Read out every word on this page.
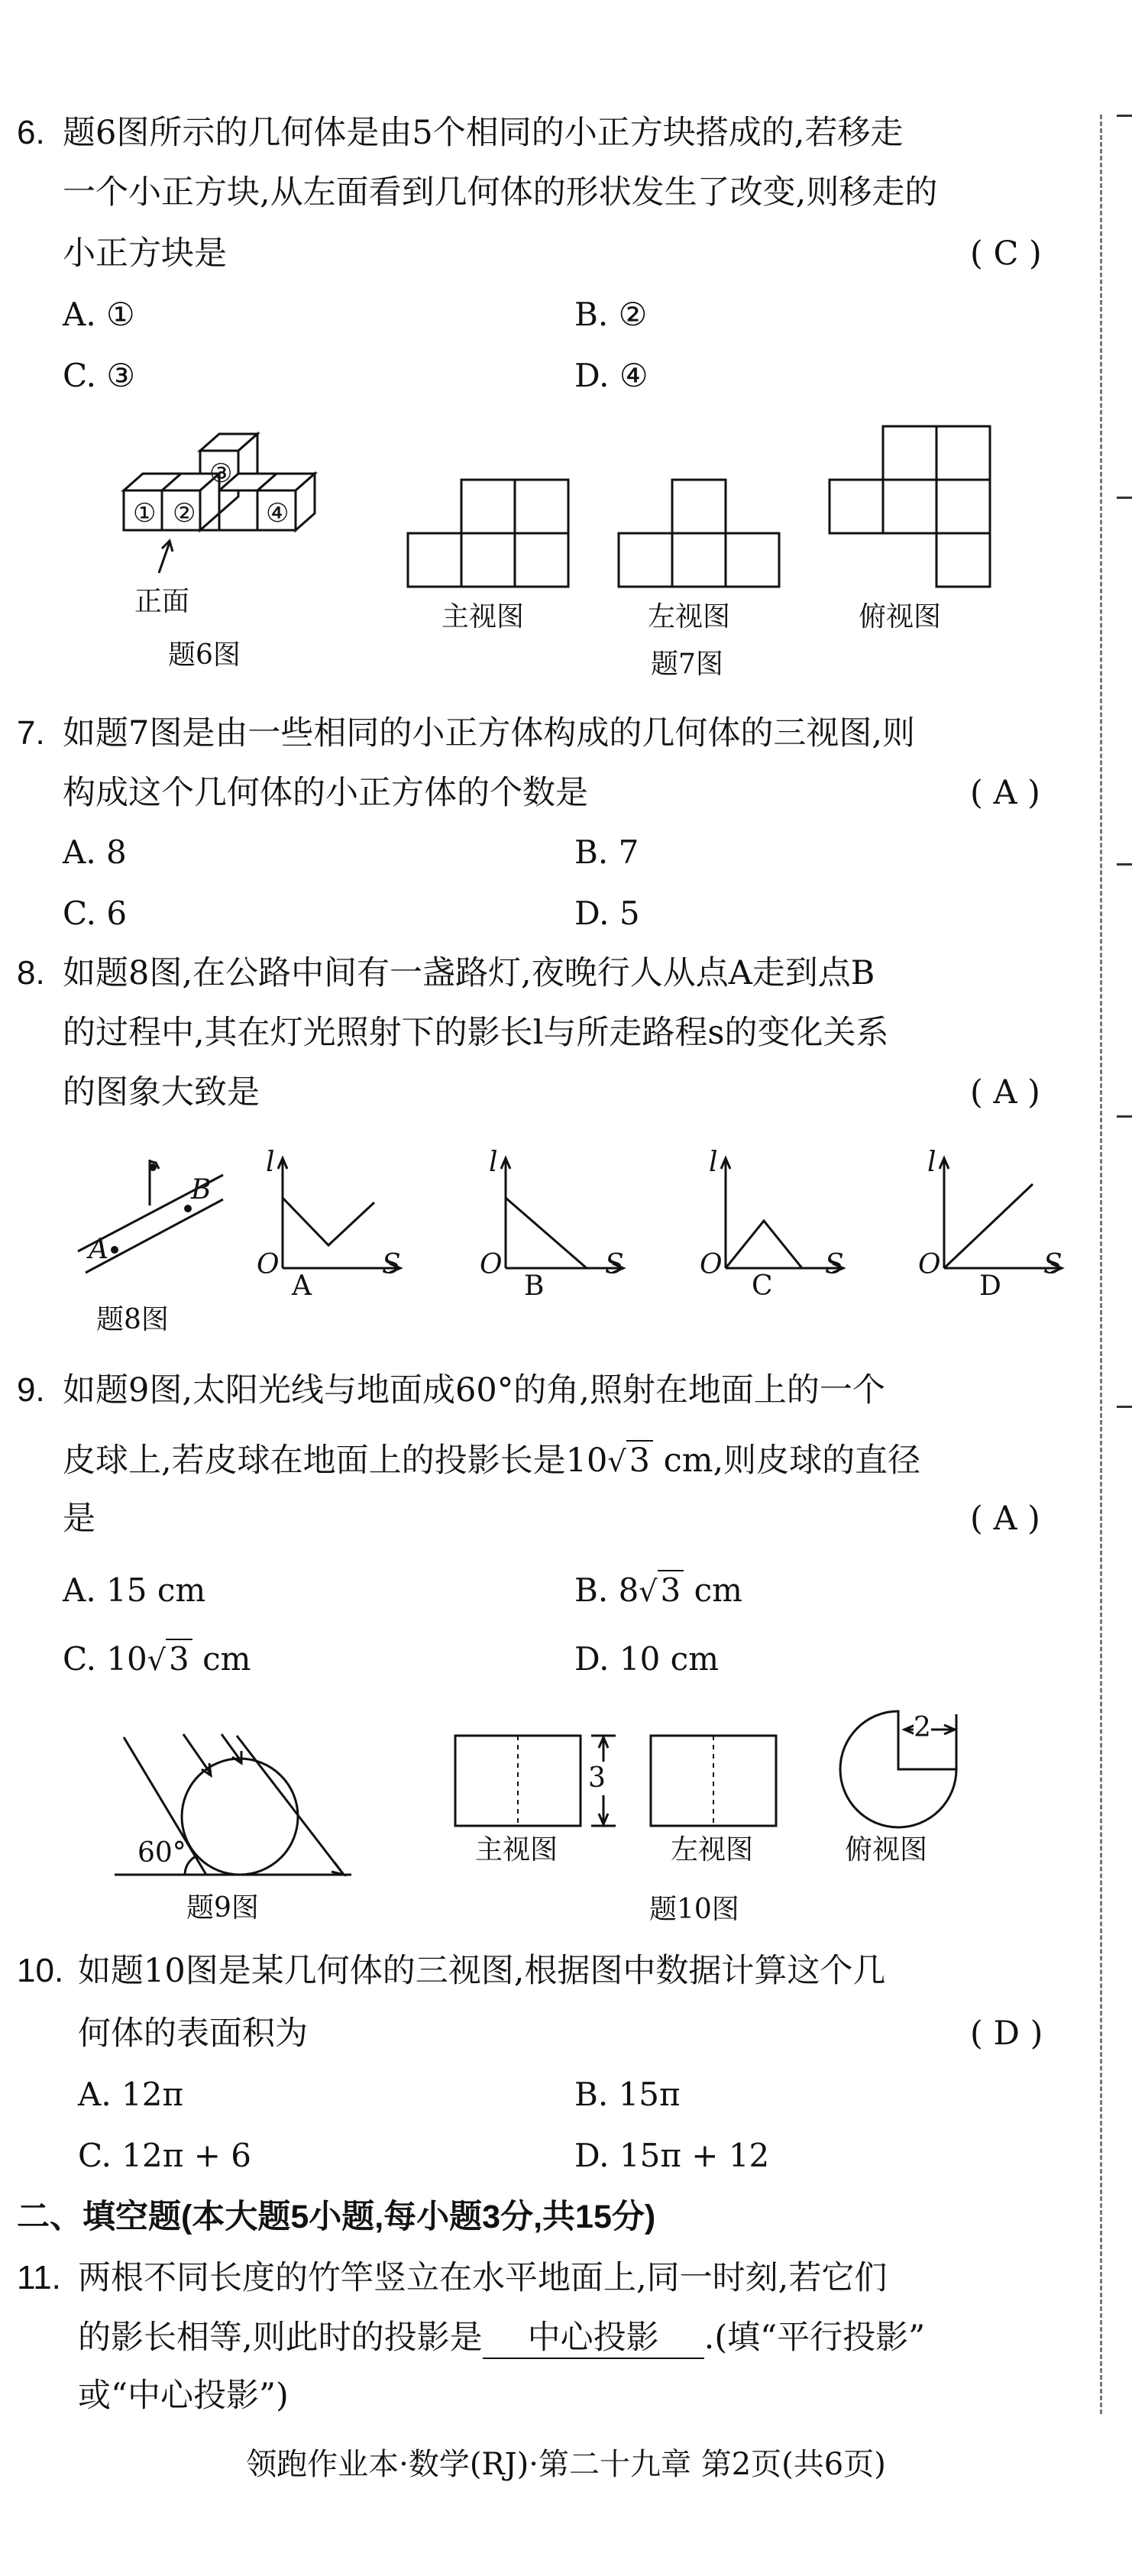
6. 题6图所示的几何体是由5个相同的小正方块搭成的,若移走
一个小正方块,从左面看到几何体的形状发生了改变,则移走的
小正方块是	( C )
A. ①	B. ②
C. ③	D. ④
③
① ②	④
正面
题6图
主视图	左视图
题7图
俯视图
7. 如题7图是由一些相同的小正方体构成的几何体的三视图,则
构成这个几何体的小正方体的个数是	( A )
A. 8	B. 7
C. 6	D. 5
8. 如题8图,在公路中间有一盏路灯,夜晚行人从点A走到点B
的过程中,其在灯光照射下的影长l与所走路程s的变化关系
的图象大致是	( A )
A
B
题8图
l
O	S
A
l
O	S
B
l
O	S
C
l
O	S
D
9. 如题9图,太阳光线与地面成60°的角,照射在地面上的一个
皮球上,若皮球在地面上的投影长是10√3 cm,则皮球的直径
是	( A )
A. 15 cm	B. 8√3 cm
C. 10√3 cm	D. 10 cm
60°
题9图
3
主视图	左视图
题10图
2
俯视图
10. 如题10图是某几何体的三视图,根据图中数据计算这个几
何体的表面积为	( D )
A. 12π	B. 15π
C. 12π + 6	D. 15π + 12
二、填空题(本大题5小题,每小题3分,共15分)
11. 两根不同长度的竹竿竖立在水平地面上,同一时刻,若它们
的影长相等,则此时的投影是 中心投影 .(填“平行投影”
或“中心投影”)
领跑作业本·数学(RJ)·第二十九章 第2页(共6页)
